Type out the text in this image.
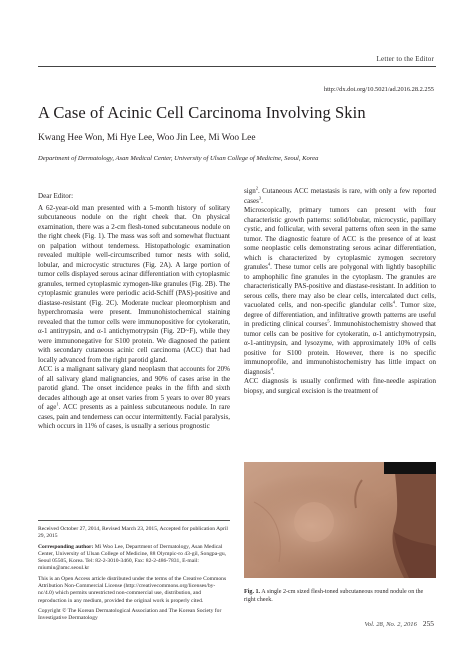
Letter to the Editor
http://dx.doi.org/10.5021/ad.2016.28.2.255
A Case of Acinic Cell Carcinoma Involving Skin
Kwang Hee Won, Mi Hye Lee, Woo Jin Lee, Mi Woo Lee
Department of Dermatology, Asan Medical Center, University of Ulsan College of Medicine, Seoul, Korea

Dear Editor:

A 62-year-old man presented with a 5-month history of solitary subcutaneous nodule on the right cheek that. On physical examination, there was a 2-cm flesh-toned subcutaneous nodule on the right cheek (Fig. 1). The mass was soft and somewhat fluctuant on palpation without tenderness. Histopathologic examination revealed multiple well-circumscribed tumor nests with solid, lobular, and microcystic structures (Fig. 2A). A large portion of tumor cells displayed serous acinar differentiation with cytoplasmic granules, termed cytoplasmic zymogen-like granules (Fig. 2B). The cytoplasmic granules were periodic acid-Schiff (PAS)-positive and diastase-resistant (Fig. 2C). Moderate nuclear pleomorphism and hyperchromasia were present. Immunohistochemical staining revealed that the tumor cells were immunopositive for cytokeratin, α-1 antitrypsin, and α-1 antichymotrypsin (Fig. 2D~F), while they were immunonegative for S100 protein. We diagnosed the patient with secondary cutaneous acinic cell carcinoma (ACC) that had locally advanced from the right parotid gland.

ACC is a malignant salivary gland neoplasm that accounts for 20% of all salivary gland malignancies, and 90% of cases arise in the parotid gland. The onset incidence peaks in the fifth and sixth decades although age at onset varies from 5 years to over 80 years of age$^1$. ACC presents as a painless subcutaneous nodule. In rare cases, pain and tenderness can occur intermittently. Facial paralysis, which occurs in 11% of cases, is usually a serious prognostic

Received October 27, 2014, Revised March 23, 2015, Accepted for publication April 29, 2015

Corresponding author: Mi Woo Lee, Department of Dermatology, Asan Medical Center, University of Ulsan College of Medicine, 88 Olympic-ro 43-gil, Songpa-gu, Seoul 05505, Korea. Tel: 82-2-3010-3460, Fax: 82-2-486-7831, E-mail: miumiu@amc.seoul.kr

This is an Open Access article distributed under the terms of the Creative Commons Attribution Non-Commercial License (http://creativecommons.org/licenses/by-nc/4.0) which permits unrestricted non-commercial use, distribution, and reproduction in any medium, provided the original work is properly cited.

Copyright © The Korean Dermatological Association and The Korean Society for Investigative Dermatology

sign$^2$. Cutaneous ACC metastasis is rare, with only a few reported cases$^3$.

Microscopically, primary tumors can present with four characteristic growth patterns: solid/lobular, microcystic, papillary cystic, and follicular, with several patterns often seen in the same tumor. The diagnostic feature of ACC is the presence of at least some neoplastic cells demonstrating serous acinar differentiation, which is characterized by cytoplasmic zymogen secretory granules$^4$. These tumor cells are polygonal with lightly basophilic to amphophilic fine granules in the cytoplasm. The granules are characteristically PAS-positive and diastase-resistant. In addition to serous cells, there may also be clear cells, intercalated duct cells, vacuolated cells, and non-specific glandular cells$^4$. Tumor size, degree of differentiation, and infiltrative growth patterns are useful in predicting clinical courses$^5$. Immunohistochemistry showed that tumor cells can be positive for cytokeratin, α-1 antichymotrypsin, α-1-antitrypsin, and lysozyme, with approximately 10% of cells positive for S100 protein. However, there is no specific immunoprofile, and immunohistochemistry has little impact on diagnosis$^4$.

ACC diagnosis is usually confirmed with fine-needle aspiration biopsy, and surgical excision is the treatment of

Fig. 1. A single 2-cm sized flesh-toned subcutaneous round nodule on the right cheek.
Vol. 28, No. 2, 2016 255
